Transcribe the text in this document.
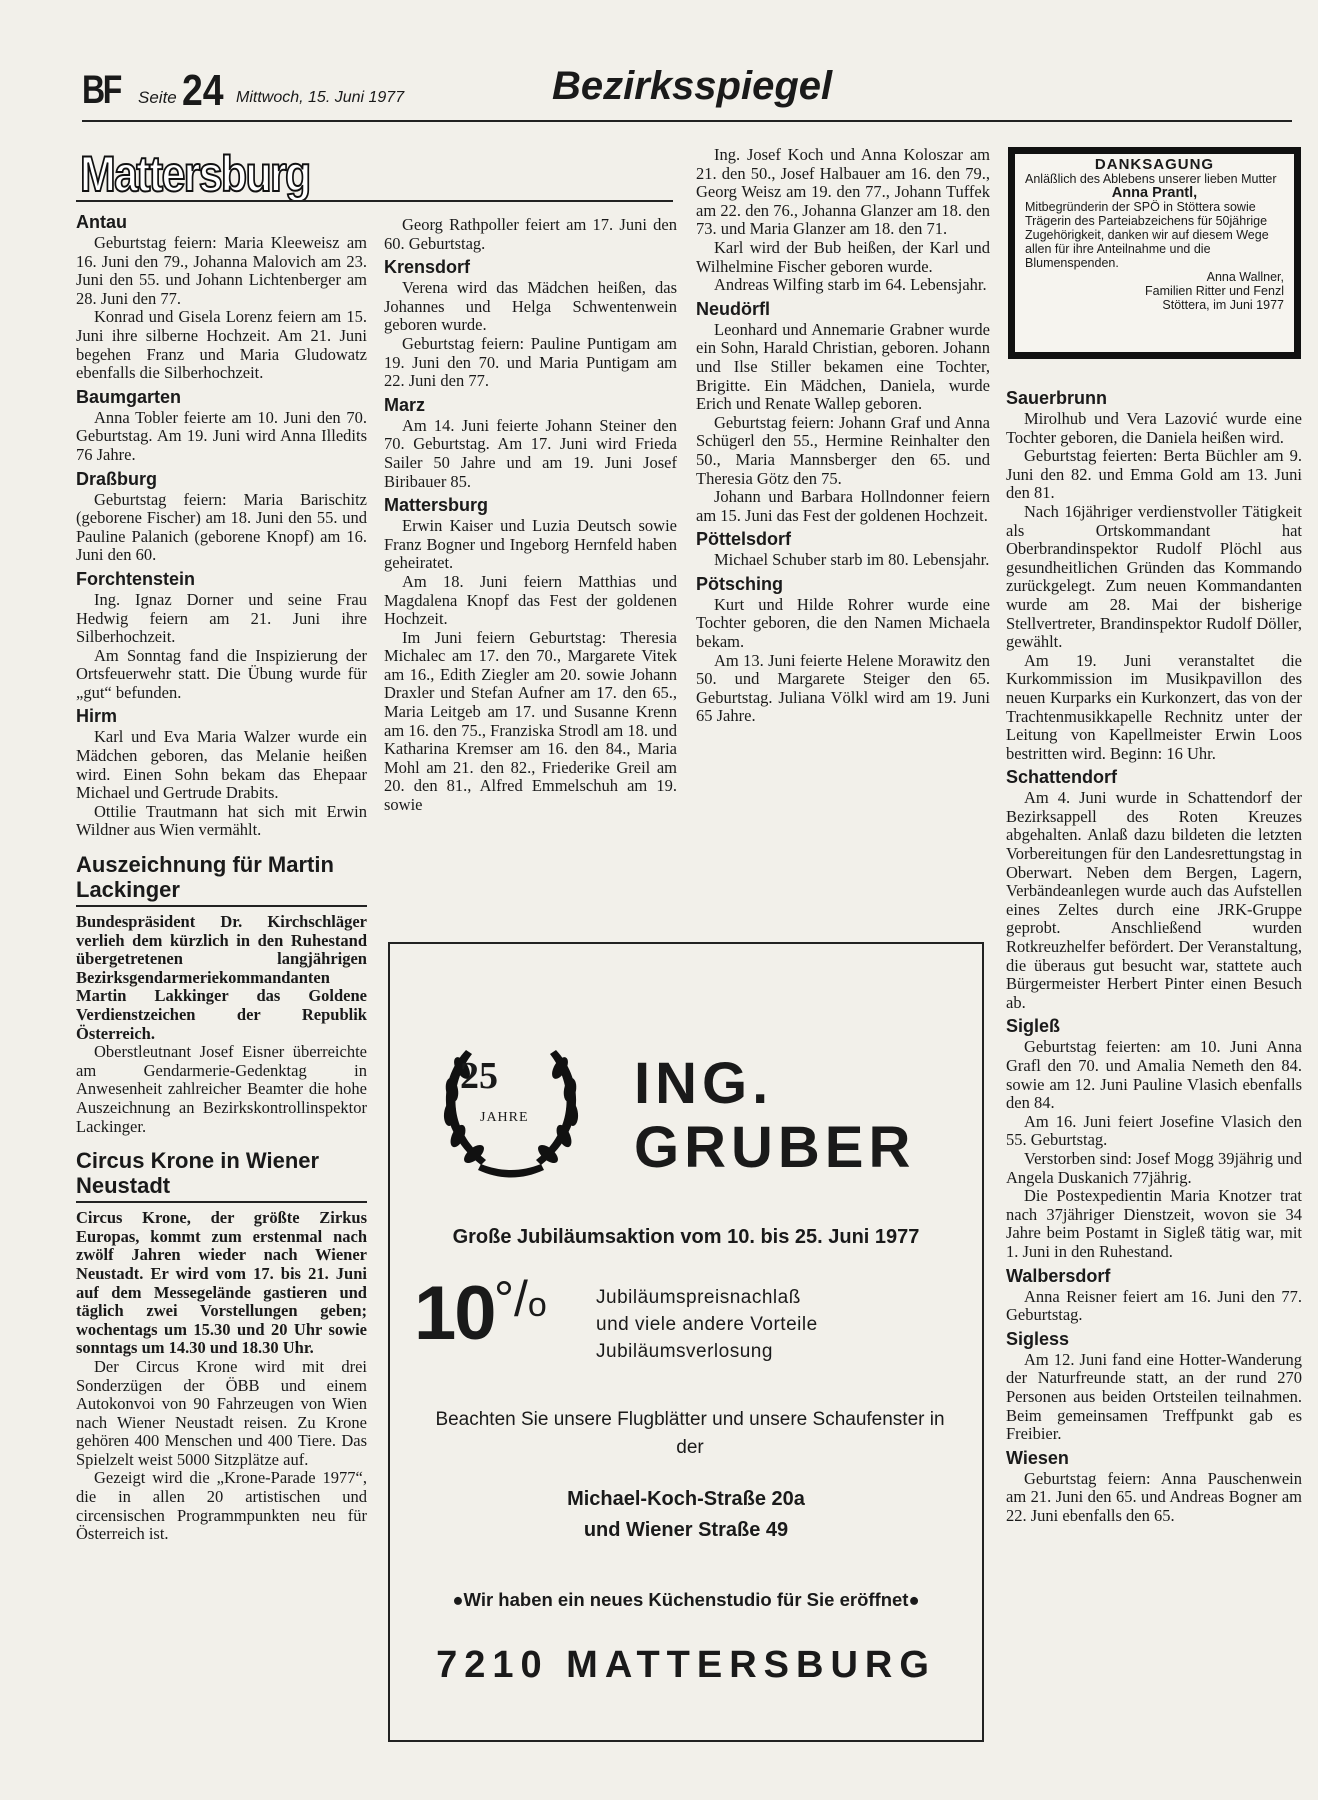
BF Seite 24 Mittwoch, 15. Juni 1977	Bezirksspiegel
Mattersburg
Antau

Geburtstag feiern: Maria Kleeweisz am 16. Juni den 79., Johanna Malovich am 23. Juni den 55. und Johann Lichtenberger am 28. Juni den 77.

Konrad und Gisela Lorenz feiern am 15. Juni ihre silberne Hochzeit. Am 21. Juni begehen Franz und Maria Gludowatz ebenfalls die Silberhochzeit.

Baumgarten

Anna Tobler feierte am 10. Juni den 70. Geburtstag. Am 19. Juni wird Anna Illedits 76 Jahre.

Draßburg

Geburtstag feiern: Maria Barischitz (geborene Fischer) am 18. Juni den 55. und Pauline Palanich (geborene Knopf) am 16. Juni den 60.

Forchtenstein

Ing. Ignaz Dorner und seine Frau Hedwig feiern am 21. Juni ihre Silberhochzeit.

Am Sonntag fand die Inspizierung der Ortsfeuerwehr statt. Die Übung wurde für „gut“ befunden.

Hirm

Karl und Eva Maria Walzer wurde ein Mädchen geboren, das Melanie heißen wird. Einen Sohn bekam das Ehepaar Michael und Gertrude Drabits.

Ottilie Trautmann hat sich mit Erwin Wildner aus Wien vermählt.

Auszeichnung für Martin Lackinger

Bundespräsident Dr. Kirchschläger verlieh dem kürzlich in den Ruhestand übergetretenen langjährigen Bezirksgendarmeriekommandanten Martin Lakkinger das Goldene Verdienstzeichen der Republik Österreich.

Oberstleutnant Josef Eisner überreichte am Gendarmerie-Gedenktag in Anwesenheit zahlreicher Beamter die hohe Auszeichnung an Bezirkskontrollinspektor Lackinger.

Circus Krone in Wiener Neustadt

Circus Krone, der größte Zirkus Europas, kommt zum erstenmal nach zwölf Jahren wieder nach Wiener Neustadt. Er wird vom 17. bis 21. Juni auf dem Messegelände gastieren und täglich zwei Vorstellungen geben; wochentags um 15.30 und 20 Uhr sowie sonntags um 14.30 und 18.30 Uhr.

Der Circus Krone wird mit drei Sonderzügen der ÖBB und einem Autokonvoi von 90 Fahrzeugen von Wien nach Wiener Neustadt reisen. Zu Krone gehören 400 Menschen und 400 Tiere. Das Spielzelt weist 5000 Sitzplätze auf.

Gezeigt wird die „Krone-Parade 1977“, die in allen 20 artistischen und circensischen Programmpunkten neu für Österreich ist.

Georg Rathpoller feiert am 17. Juni den 60. Geburtstag.

Krensdorf

Verena wird das Mädchen heißen, das Johannes und Helga Schwentenwein geboren wurde.

Geburtstag feiern: Pauline Puntigam am 19. Juni den 70. und Maria Puntigam am 22. Juni den 77.

Marz

Am 14. Juni feierte Johann Steiner den 70. Geburtstag. Am 17. Juni wird Frieda Sailer 50 Jahre und am 19. Juni Josef Biribauer 85.

Mattersburg

Erwin Kaiser und Luzia Deutsch sowie Franz Bogner und Ingeborg Hernfeld haben geheiratet.

Am 18. Juni feiern Matthias und Magdalena Knopf das Fest der goldenen Hochzeit.

Im Juni feiern Geburtstag: Theresia Michalec am 17. den 70., Margarete Vitek am 16., Edith Ziegler am 20. sowie Johann Draxler und Stefan Aufner am 17. den 65., Maria Leitgeb am 17. und Susanne Krenn am 16. den 75., Franziska Strodl am 18. und Katharina Kremser am 16. den 84., Maria Mohl am 21. den 82., Friederike Greil am 20. den 81., Alfred Emmelschuh am 19. sowie

Ing. Josef Koch und Anna Koloszar am 21. den 50., Josef Halbauer am 16. den 79., Georg Weisz am 19. den 77., Johann Tuffek am 22. den 76., Johanna Glanzer am 18. den 73. und Maria Glanzer am 18. den 71.

Karl wird der Bub heißen, der Karl und Wilhelmine Fischer geboren wurde.

Andreas Wilfing starb im 64. Lebensjahr.

Neudörfl

Leonhard und Annemarie Grabner wurde ein Sohn, Harald Christian, geboren. Johann und Ilse Stiller bekamen eine Tochter, Brigitte. Ein Mädchen, Daniela, wurde Erich und Renate Wallep geboren.

Geburtstag feiern: Johann Graf und Anna Schügerl den 55., Hermine Reinhalter den 50., Maria Mannsberger den 65. und Theresia Götz den 75.

Johann und Barbara Hollndonner feiern am 15. Juni das Fest der goldenen Hochzeit.

Pöttelsdorf

Michael Schuber starb im 80. Lebensjahr.

Pötsching

Kurt und Hilde Rohrer wurde eine Tochter geboren, die den Namen Michaela bekam.

Am 13. Juni feierte Helene Morawitz den 50. und Margarete Steiger den 65. Geburtstag. Juliana Völkl wird am 19. Juni 65 Jahre.

DANKSAGUNG
Anläßlich des Ablebens unserer lieben Mutter
Anna Prantl,
Mitbegründerin der SPÖ in Stöttera sowie Trägerin des Parteiabzeichens für 50jährige Zugehörigkeit, danken wir auf diesem Wege allen für ihre Anteilnahme und die Blumenspenden.
Anna Wallner,
Familien Ritter und Fenzl
Stöttera, im Juni 1977
Sauerbrunn

Mirolhub und Vera Lazović wurde eine Tochter geboren, die Daniela heißen wird.

Geburtstag feierten: Berta Büchler am 9. Juni den 82. und Emma Gold am 13. Juni den 81.

Nach 16jähriger verdienstvoller Tätigkeit als Ortskommandant hat Oberbrandinspektor Rudolf Plöchl aus gesundheitlichen Gründen das Kommando zurückgelegt. Zum neuen Kommandanten wurde am 28. Mai der bisherige Stellvertreter, Brandinspektor Rudolf Döller, gewählt.

Am 19. Juni veranstaltet die Kurkommission im Musikpavillon des neuen Kurparks ein Kurkonzert, das von der Trachtenmusikkapelle Rechnitz unter der Leitung von Kapellmeister Erwin Loos bestritten wird. Beginn: 16 Uhr.

Schattendorf

Am 4. Juni wurde in Schattendorf der Bezirksappell des Roten Kreuzes abgehalten. Anlaß dazu bildeten die letzten Vorbereitungen für den Landesrettungstag in Oberwart. Neben dem Bergen, Lagern, Verbändeanlegen wurde auch das Aufstellen eines Zeltes durch eine JRK-Gruppe geprobt. Anschließend wurden Rotkreuzhelfer befördert. Der Veranstaltung, die überaus gut besucht war, stattete auch Bürgermeister Herbert Pinter einen Besuch ab.

Sigleß

Geburtstag feierten: am 10. Juni Anna Grafl den 70. und Amalia Nemeth den 84. sowie am 12. Juni Pauline Vlasich ebenfalls den 84.

Am 16. Juni feiert Josefine Vlasich den 55. Geburtstag.

Verstorben sind: Josef Mogg 39jährig und Angela Duskanich 77jährig.

Die Postexpedientin Maria Knotzer trat nach 37jähriger Dienstzeit, wovon sie 34 Jahre beim Postamt in Sigleß tätig war, mit 1. Juni in den Ruhestand.

Walbersdorf

Anna Reisner feiert am 16. Juni den 77. Geburtstag.

Sigless

Am 12. Juni fand eine Hotter-Wanderung der Naturfreunde statt, an der rund 270 Personen aus beiden Ortsteilen teilnahmen. Beim gemeinsamen Treffpunkt gab es Freibier.

Wiesen

Geburtstag feiern: Anna Pauschenwein am 21. Juni den 65. und Andreas Bogner am 22. Juni ebenfalls den 65.

25
JAHRE
ING.
GRUBER
Große Jubiläumsaktion vom 10. bis 25. Juni 1977
10 °/o	Jubiläumspreisnachlaß
und viele andere Vorteile
Jubiläumsverlosung
Beachten Sie unsere Flugblätter und unsere Schaufenster in der
Michael-Koch-Straße 20a
und Wiener Straße 49
●Wir haben ein neues Küchenstudio für Sie eröffnet●
7210 MATTERSBURG
